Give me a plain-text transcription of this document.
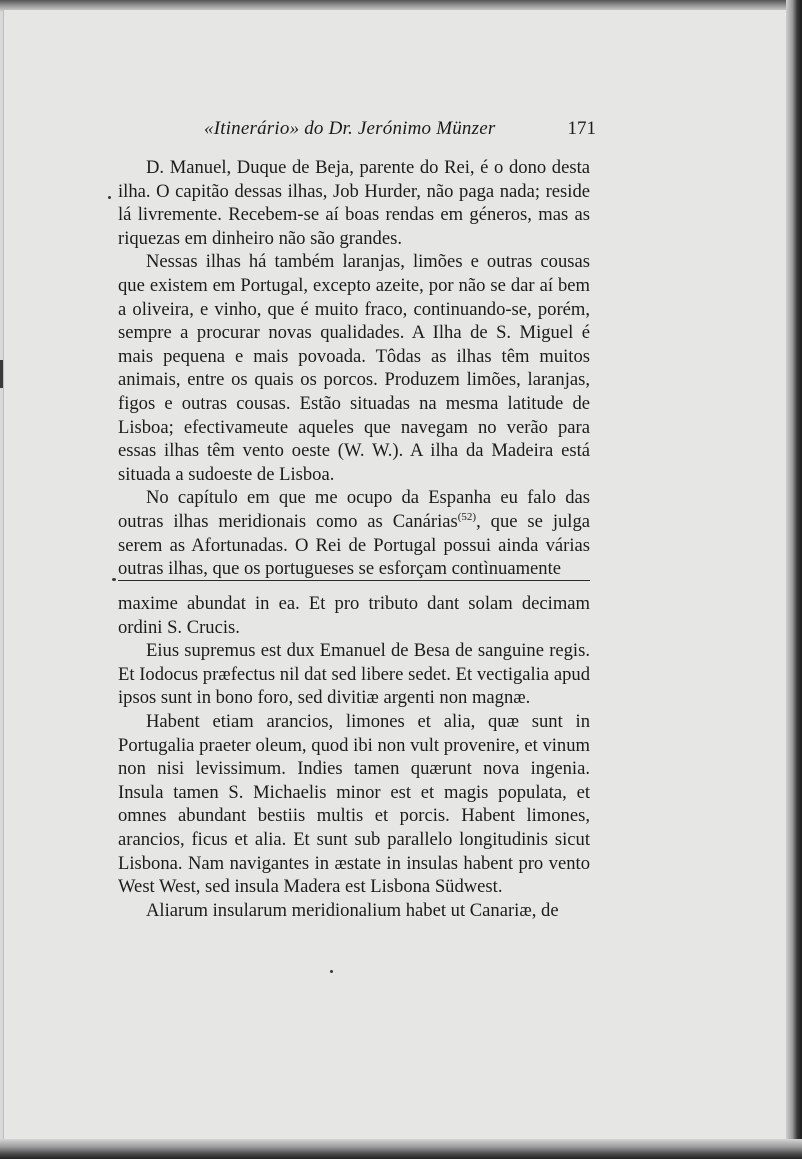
«Itinerário» do Dr. Jerónimo Münzer	171

D. Manuel, Duque de Beja, parente do Rei, é o dono desta ilha. O capitão dessas ilhas, Job Hurder, não paga nada; reside lá livremente. Recebem-se aí boas rendas em géneros, mas as riquezas em dinheiro não são grandes.

Nessas ilhas há também laranjas, limões e outras cousas que existem em Portugal, excepto azeite, por não se dar aí bem a oliveira, e vinho, que é muito fraco, continuando-se, porém, sempre a procurar novas qualidades. A Ilha de S. Miguel é mais pequena e mais povoada. Tôdas as ilhas têm muitos animais, entre os quais os porcos. Produzem limões, laranjas, figos e outras cousas. Estão situadas na mesma latitude de Lisboa; efectivameute aqueles que navegam no verão para essas ilhas têm vento oeste (W. W.). A ilha da Madeira está situada a sudoeste de Lisboa.

No capítulo em que me ocupo da Espanha eu falo das outras ilhas meridionais como as Canárias$^{(52)}$, que se julga serem as Afortunadas. O Rei de Portugal possui ainda várias outras ilhas, que os portugueses se esforçam contìnuamente

maxime abundat in ea. Et pro tributo dant solam decimam ordini S. Crucis.

Eius supremus est dux Emanuel de Besa de sanguine regis. Et Iodocus præfectus nil dat sed libere sedet. Et vectigalia apud ipsos sunt in bono foro, sed divitiæ argenti non magnæ.

Habent etiam arancios, limones et alia, quæ sunt in Portugalia praeter oleum, quod ibi non vult provenire, et vinum non nisi levissimum. Indies tamen quærunt nova ingenia. Insula tamen S. Michaelis minor est et magis populata, et omnes abundant bestiis multis et porcis. Habent limones, arancios, ficus et alia. Et sunt sub parallelo longitudinis sicut Lisbona. Nam navigantes in æstate in insulas habent pro vento West West, sed insula Madera est Lisbona Südwest.

Aliarum insularum meridionalium habet ut Canariæ, de
